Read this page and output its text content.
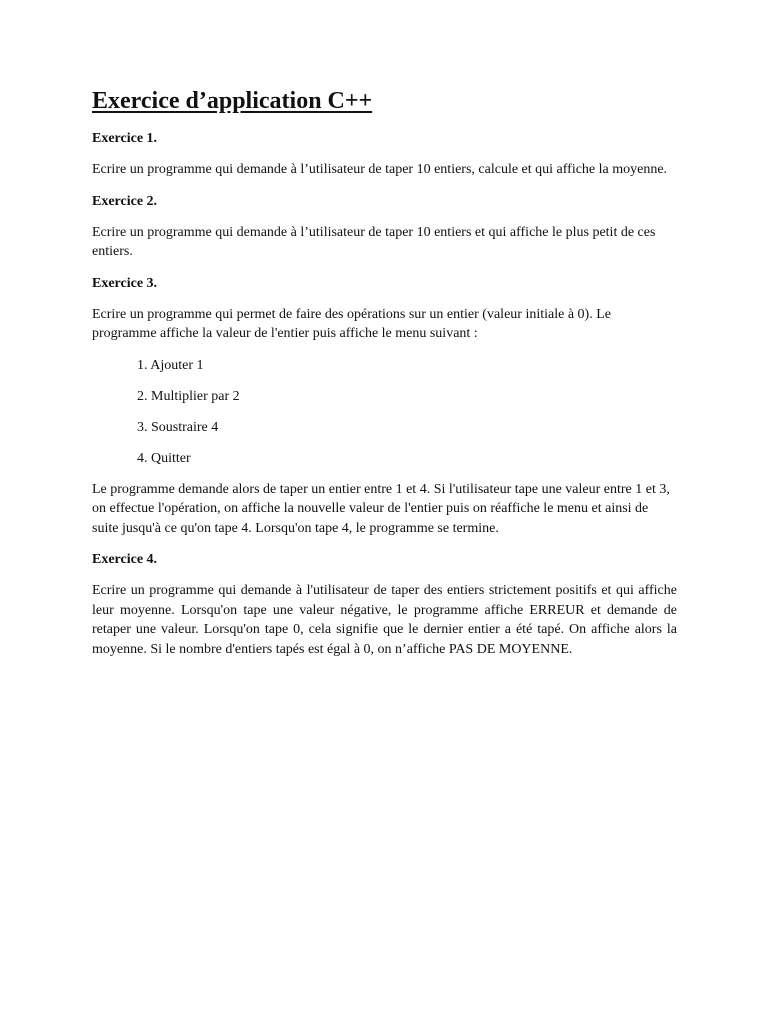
Exercice d’application C++
Exercice 1.

Ecrire un programme qui demande à l’utilisateur de taper 10 entiers, calcule et qui affiche la moyenne.

Exercice 2.

Ecrire un programme qui demande à l’utilisateur de taper 10 entiers et qui affiche le plus petit de ces entiers.

Exercice 3.

Ecrire un programme qui permet de faire des opérations sur un entier (valeur initiale à 0). Le programme affiche la valeur de l'entier puis affiche le menu suivant :

1. Ajouter 1
2. Multiplier par 2
3. Soustraire 4
4. Quitter

Le programme demande alors de taper un entier entre 1 et 4. Si l'utilisateur tape une valeur entre 1 et 3, on effectue l'opération, on affiche la nouvelle valeur de l'entier puis on réaffiche le menu et ainsi de suite jusqu'à ce qu'on tape 4. Lorsqu'on tape 4, le programme se termine.

Exercice 4.

Ecrire un programme qui demande à l'utilisateur de taper des entiers strictement positifs et qui affiche leur moyenne. Lorsqu'on tape une valeur négative, le programme affiche ERREUR et demande de retaper une valeur. Lorsqu'on tape 0, cela signifie que le dernier entier a été tapé. On affiche alors la moyenne. Si le nombre d'entiers tapés est égal à 0, on n’affiche PAS DE MOYENNE.
